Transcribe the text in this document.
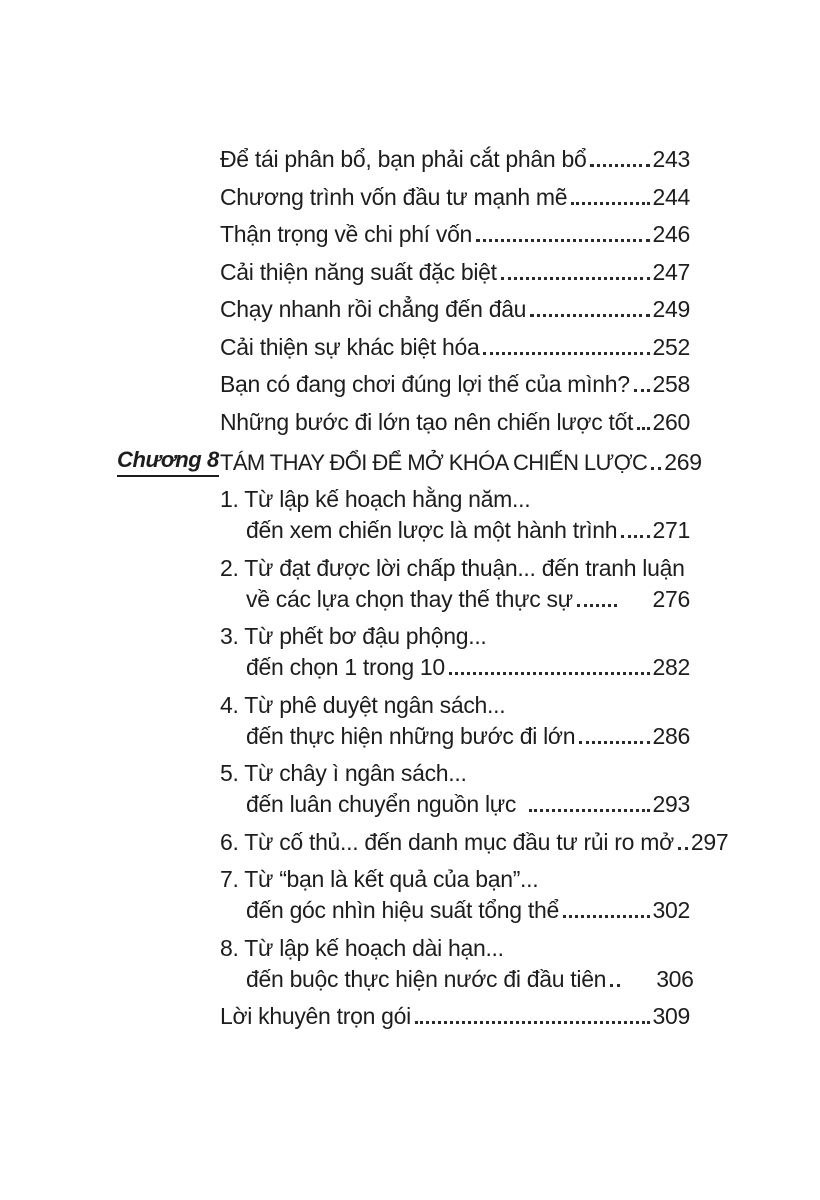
Để tái phân bổ, bạn phải cắt phân bổ	243
Chương trình vốn đầu tư mạnh mẽ	244
Thận trọng về chi phí vốn	246
Cải thiện năng suất đặc biệt	247
Chạy nhanh rồi chẳng đến đâu	249
Cải thiện sự khác biệt hóa	252
Bạn có đang chơi đúng lợi thế của mình? 258
Những bước đi lớn tạo nên chiến lược tốt 260
Chương 8 TÁM THAY ĐỔI ĐỂ MỞ KHÓA CHIẾN LƯỢC 269
1. Từ lập kế hoạch hằng năm...
đến xem chiến lược là một hành trình 271
2. Từ đạt được lời chấp thuận... đến tranh luận
về các lựa chọn thay thế thực sự	276
3. Từ phết bơ đậu phộng...
đến chọn 1 trong 10	282
4. Từ phê duyệt ngân sách...
đến thực hiện những bước đi lớn	286
5. Từ chây ì ngân sách...
đến luân chuyển nguồn lực	293
6. Từ cố thủ... đến danh mục đầu tư rủi ro mở 297
7. Từ “bạn là kết quả của bạn”...
đến góc nhìn hiệu suất tổng thể	302
8. Từ lập kế hoạch dài hạn...
đến buộc thực hiện nước đi đầu tiên 306
Lời khuyên trọn gói	309
